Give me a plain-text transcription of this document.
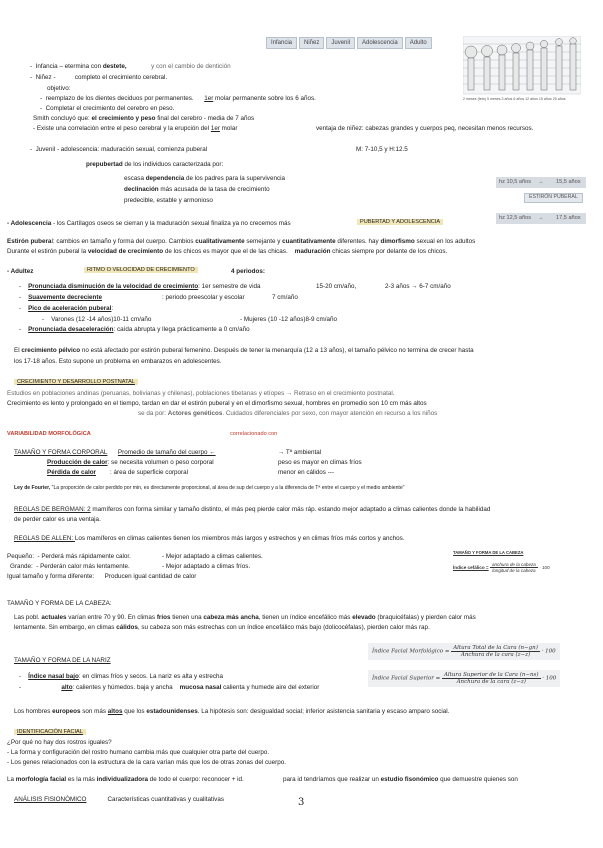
Infancia	Niñez	Juvenil	Adolescencia	Adulto
2 meses (feto) 5 meses 3 años 6 años 12 años 15 años 25 años
-  Infancia – etermina con destete,	y con el cambio de dentición
-  Niñez -	completo el crecimiento cerebral.
objetivo:
-  reemplazo de los dientes deciduos por permanentes. 1er molar permanente sobre los 6 años.
-  Completar el crecimiento del cerebro en peso.
Smith concluyó que: el crecimiento y peso final del cerebro - media de 7 años
- Existe una correlación entre el peso cerebral y la erupción del 1er molar	ventaja de niñez: cabezas grandes y cuerpos peq, necesitan menos recursos.
-  Juvenil - adolescencia: maduración sexual, comienza puberal	M: 7-10,5 y H:12.5
prepubertad de los individuos caracterizada por:
escasa dependencia de los padres para la supervivencia
declinación más acusada de la tasa de crecimiento
predecible, estable y armonioso
hz 10,5 años → 15,5 años
ESTIRÓN PUBERAL
hz 12,5 años → 17,5 años
- Adolescencia - los Cartílagos oseos se cierran y la maduración sexual finaliza ya no crecemos más	PUBERTAD Y ADOLESCENCIA
Estirón puberal: cambios en tamaño y forma del cuerpo. Cambios cualitativamente semejante y cuantitativamente diferentes. hay dimorfismo sexual en los adultos
Durante el estirón puberal la velocidad de crecimiento de los chicos es mayor que el de las chicas. maduración chicas siempre por delante de los chicos.
- Adultez	RITMO O VELOCIDAD DE CRECIMIENTO	4 periodos:
-    Pronunciada disminución de la velocidad de crecimiento: 1er semestre de vida	15-20 cm/año,	2-3 años → 6-7 cm/año
-    Suavemente decreciente	: periodo preescolar y escolar	7 cm/año
-    Pico de aceleración puberal:
-    Varones (12 -14 años)10-11 cm/año	- Mujeres (10 -12 años)8-9 cm/año
-    Pronunciada desaceleración: caída abrupta y llega prácticamente a 0 cm/año
El crecimiento pélvico no está afectado por estirón puberal femenino. Después de tener la menarquía (12 a 13 años), el tamaño pélvico no termina de crecer hasta
los 17-18 años. Esto supone un problema en embarazos en adolescentes.
CRECIMIENTO Y DESARROLLO POSTNATAL
Estudios en poblaciones andinas (peruanas, bolivianas y chilenas), poblaciones tibetanas y etíopes → Retraso en el crecimiento postnatal.
Crecimiento es lento y prolongado en el tiempo, tardan en dar el estirón puberal y en el dimorfismo sexual, hombres en promedio son 10 cm más altos
se da por: Actores genéticos. Cuidados diferenciales por sexo, con mayor atención en recurso a los niños
VARIABILIDAD MORFOLÓGICA	correlacionado con
TAMAÑO Y FORMA CORPORAL Promedio de tamaño del cuerpo ←	→ Tª ambiental
Producción de calor: se necesita volumen o peso corporal	peso es mayor en climas fríos
Pérdida de calor : área de superficie corporal	menor en cálidos ---
Ley de Fourier, "La proporción de calor perdido por min, es directamente proporcional, al área de sup del cuerpo y a la diferencia de Tª entre el cuerpo y el medio ambiente"
REGLAS DE BERGMAN: 2 mamíferos con forma similar y tamaño distinto, el más peq pierde calor más ráp. estando mejor adaptado a climas calientes donde la habilidad
de perder calor es una ventaja.
REGLAS DE ALLEN: Los mamíferos en climas calientes tienen los miembros más largos y estrechos y en climas fríos más cortos y anchos.
Pequeño: - Perderá más rápidamente calor.	- Mejor adaptado a climas calientes.
Grande: - Perderán calor más lentamente.	- Mejor adaptado a climas fríos.
Igual tamaño y forma diferente: Producen igual cantidad de calor
TAMAÑO Y FORMA DE LA CABEZA
Índice cefálico = $\frac{\text{anchura de la cabeza}}{\text{longitud de la cabeza}} \cdot 100$
TAMAÑO Y FORMA DE LA CABEZA:
Las pobl. actuales varían entre 70 y 90. En climas fríos tienen una cabeza más ancha, tienen un índice encefálico más elevado (braquicéfalas) y pierden calor más
lentamente. Sin embargo, en climas cálidos, su cabeza son más estrechas con un índice encefálico más bajo (dolicocéfalas), pierden calor más rap.
Índice Facial Morfológico = $\frac{\text{Altura Total de la Cara (n−gn)}}{\text{Anchura de la cara (z−z)}} \cdot 100$
TAMAÑO Y FORMA DE LA NARIZ
-    Índice nasal bajo: en climas fríos y secos. La nariz es alta y estrecha	Índice Facial Superior = $\frac{\text{Altura Superior de la Cara (n−ns)}}{\text{Anchura de la cara (z−z)}} \cdot 100$
-                       alto: calientes y húmedos. baja y ancha mucosa nasal calienta y humede aire del exterior
Los hombres europeos son más altos que los estadounidenses. La hipótesis son: desigualdad social; inferior asistencia sanitaria y escaso amparo social.
IDENTIFICACIÓN FACIAL
¿Por qué no hay dos rostros iguales?
- La forma y configuración del rostro humano cambia más que cualquier otra parte del cuerpo.
- Los genes relacionados con la estructura de la cara varían más que los de otras zonas del cuerpo.
La morfología facial es la más individualizadora de todo el cuerpo: reconocer + id.	para id tendríamos que realizar un estudio fisonómico que demuestre quienes son
ANÁLISIS FISIONÓMICO	Características cuantitativas y cualitativas	3
